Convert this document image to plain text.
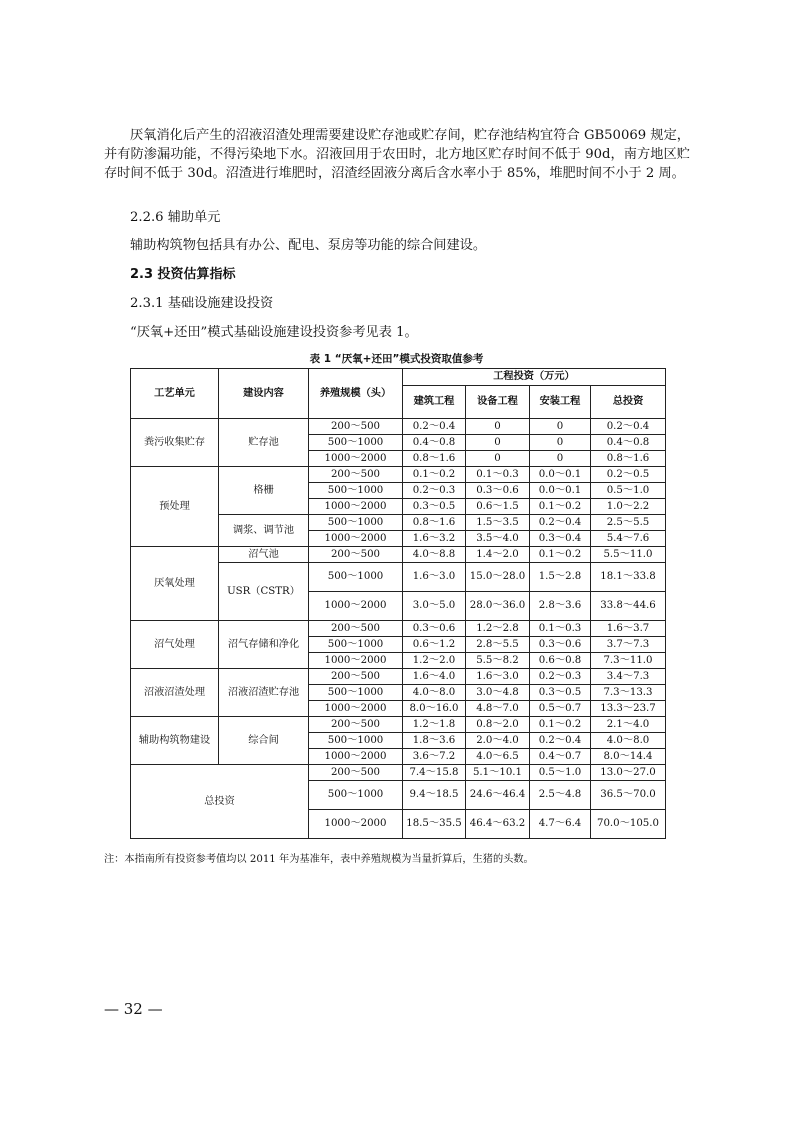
厌氧消化后产生的沼液沼渣处理需要建设贮存池或贮存间，贮存池结构宜符合 GB50069 规定，并有防渗漏功能，不得污染地下水。沼液回用于农田时，北方地区贮存时间不低于 90d，南方地区贮存时间不低于 30d。沼渣进行堆肥时，沼渣经固液分离后含水率小于 85%，堆肥时间不小于 2 周。

2.2.6 辅助单元
辅助构筑物包括具有办公、配电、泵房等功能的综合间建设。
2.3 投资估算指标
2.3.1 基础设施建设投资
“厌氧+还田”模式基础设施建设投资参考见表 1。
表 1 “厌氧+还田”模式投资取值参考
工艺单元	建设内容	养殖规模（头）	工程投资（万元）			
			建筑工程	设备工程	安装工程	总投资
粪污收集贮存	贮存池	200～500	0.2～0.4	0	0	0.2～0.4
		500～1000	0.4～0.8	0	0	0.4～0.8
		1000～2000	0.8～1.6	0	0	0.8～1.6
预处理	格栅	200～500	0.1～0.2	0.1～0.3	0.0～0.1	0.2～0.5
		500～1000	0.2～0.3	0.3～0.6	0.0～0.1	0.5～1.0
		1000～2000	0.3～0.5	0.6～1.5	0.1～0.2	1.0～2.2
	调浆、调节池	500～1000	0.8～1.6	1.5～3.5	0.2～0.4	2.5～5.5
		1000～2000	1.6～3.2	3.5～4.0	0.3～0.4	5.4～7.6
厌氧处理	沼气池	200～500	4.0～8.8	1.4～2.0	0.1～0.2	5.5～11.0
	USR（CSTR）	500～1000	1.6～3.0	15.0～28.0	1.5～2.8	18.1～33.8
		1000～2000	3.0～5.0	28.0～36.0	2.8～3.6	33.8～44.6
沼气处理	沼气存储和净化	200～500	0.3～0.6	1.2～2.8	0.1～0.3	1.6～3.7
		500～1000	0.6～1.2	2.8～5.5	0.3～0.6	3.7～7.3
		1000～2000	1.2～2.0	5.5～8.2	0.6～0.8	7.3～11.0
沼液沼渣处理	沼液沼渣贮存池	200～500	1.6～4.0	1.6～3.0	0.2～0.3	3.4～7.3
		500～1000	4.0～8.0	3.0～4.8	0.3～0.5	7.3～13.3
		1000～2000	8.0～16.0	4.8～7.0	0.5～0.7	13.3～23.7
辅助构筑物建设	综合间	200～500	1.2～1.8	0.8～2.0	0.1～0.2	2.1～4.0
		500～1000	1.8～3.6	2.0～4.0	0.2～0.4	4.0～8.0
		1000～2000	3.6～7.2	4.0～6.5	0.4～0.7	8.0～14.4
总投资		200～500	7.4～15.8	5.1～10.1	0.5～1.0	13.0～27.0
		500～1000	9.4～18.5	24.6～46.4	2.5～4.8	36.5～70.0
		1000～2000	18.5～35.5	46.4～63.2	4.7～6.4	70.0～105.0
注：本指南所有投资参考值均以 2011 年为基准年，表中养殖规模为当量折算后，生猪的头数。
— 32 —
